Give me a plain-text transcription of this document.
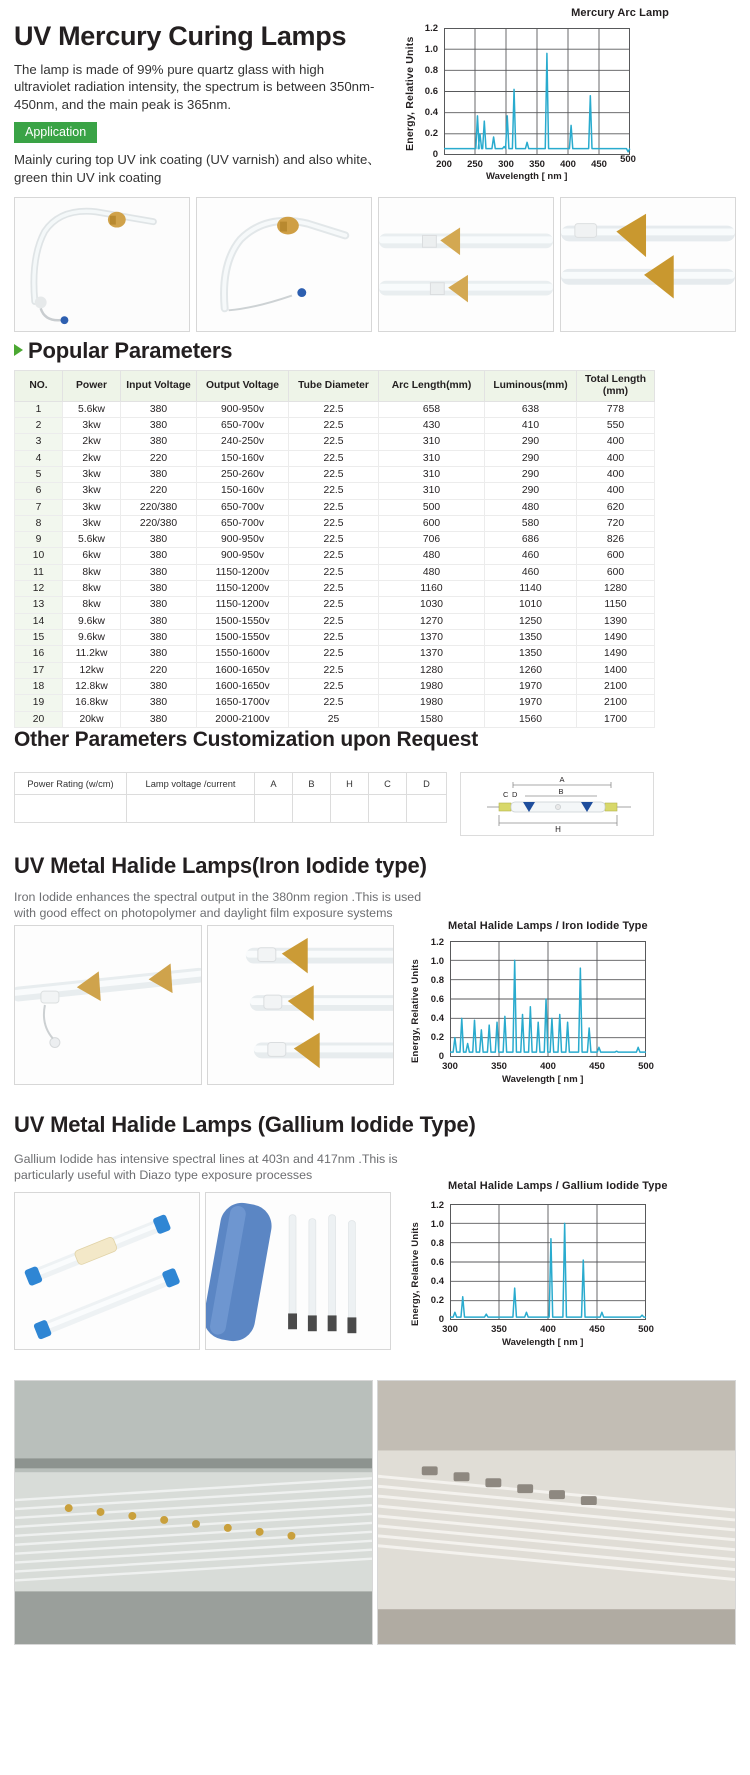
UV Mercury Curing Lamps

The lamp is made of 99% pure quartz glass with high ultraviolet radiation intensity, the spectrum is between 350nm-450nm, and the main peak is 365nm.

Application

Mainly curing top UV ink coating (UV varnish) and also white、green thin UV ink coating

Mercury Arc Lamp
Energy, Relative Units
1.2
1.0
0.8
0.6
0.4
0.2
0
200	250	300	350	400	450	500
Wavelength [ nm ]
Popular Parameters
NO.	Power	Input Voltage	Output Voltage	Tube Diameter	Arc Length(mm)	Luminous(mm)	Total Length (mm)
1	5.6kw	380	900-950v	22.5	658	638	778
2	3kw	380	650-700v	22.5	430	410	550
3	2kw	380	240-250v	22.5	310	290	400
4	2kw	220	150-160v	22.5	310	290	400
5	3kw	380	250-260v	22.5	310	290	400
6	3kw	220	150-160v	22.5	310	290	400
7	3kw	220/380	650-700v	22.5	500	480	620
8	3kw	220/380	650-700v	22.5	600	580	720
9	5.6kw	380	900-950v	22.5	706	686	826
10	6kw	380	900-950v	22.5	480	460	600
11	8kw	380	1150-1200v	22.5	480	460	600
12	8kw	380	1150-1200v	22.5	1160	1140	1280
13	8kw	380	1150-1200v	22.5	1030	1010	1150
14	9.6kw	380	1500-1550v	22.5	1270	1250	1390
15	9.6kw	380	1500-1550v	22.5	1370	1350	1490
16	11.2kw	380	1550-1600v	22.5	1370	1350	1490
17	12kw	220	1600-1650v	22.5	1280	1260	1400
18	12.8kw	380	1600-1650v	22.5	1980	1970	2100
19	16.8kw	380	1650-1700v	22.5	1980	1970	2100
20	20kw	380	2000-2100v	25	1580	1560	1700
Other Parameters Customization upon Request
Power Rating (w/cm)	Lamp voltage /current	A	B	H	C	D
							A
B
C D
H
UV Metal Halide Lamps(Iron Iodide type)
Iron Iodide enhances the spectral output in the 380nm region .This is used with good effect on photopolymer and daylight film exposure systems
Metal Halide Lamps / Iron Iodide Type
Energy, Relative Units
1.2
1.0
0.8
0.6
0.4
0.2
0
300	350	400	450	500
Wavelength [ nm ]
UV Metal Halide Lamps (Gallium Iodide Type)
Gallium Iodide has intensive spectral lines at 403n and 417nm .This is particularly useful with Diazo type exposure processes
Metal Halide Lamps / Gallium Iodide Type
Energy, Relative Units
1.2
1.0
0.8
0.6
0.4
0.2
0
300	350	400	450	500
Wavelength [ nm ]
